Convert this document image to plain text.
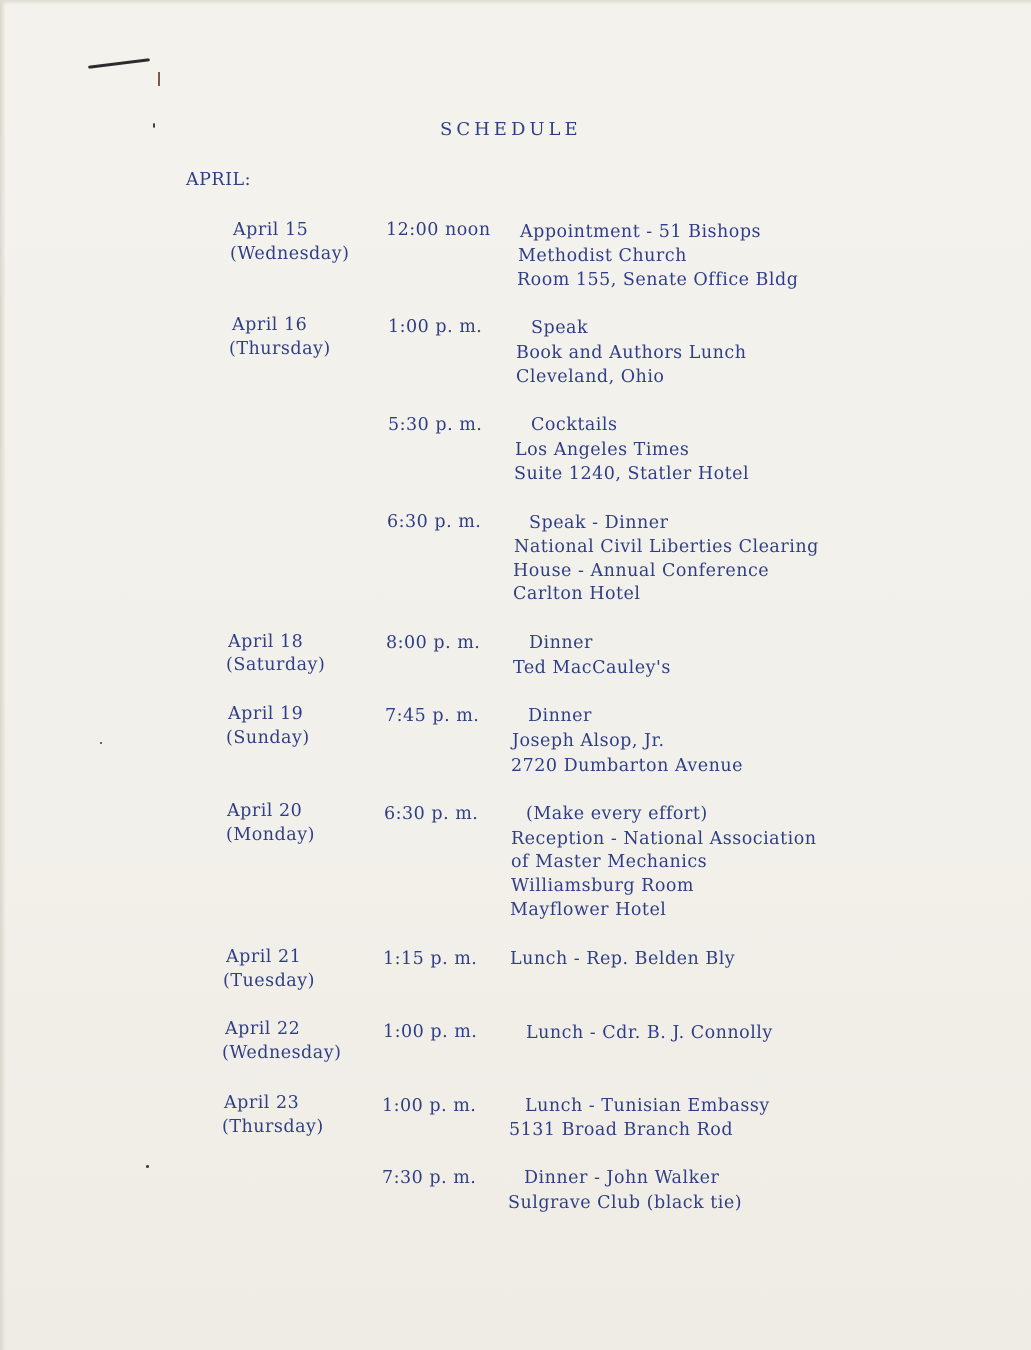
SCHEDULE
APRIL:
April 15
(Wednesday)
12:00 noon Appointment - 51 Bishops
Methodist Church
Room 155, Senate Office Bldg
April 16
(Thursday)
1:00 p. m.	Speak
Book and Authors Lunch
Cleveland, Ohio
5:30 p. m.	Cocktails
Los Angeles Times
Suite 1240, Statler Hotel
6:30 p. m.	Speak - Dinner
National Civil Liberties Clearing
House - Annual Conference
Carlton Hotel
April 18
(Saturday)
8:00 p. m.	Dinner
Ted MacCauley's
April 19
(Sunday)
7:45 p. m.	Dinner
Joseph Alsop, Jr.
2720 Dumbarton Avenue
April 20
(Monday)
6:30 p. m.	(Make every effort)
Reception - National Association
of Master Mechanics
Williamsburg Room
Mayflower Hotel
April 21
(Tuesday)
1:15 p. m. Lunch - Rep. Belden Bly
April 22
(Wednesday)
1:00 p. m.	Lunch - Cdr. B. J. Connolly
April 23
(Thursday)
1:00 p. m.	Lunch - Tunisian Embassy
5131 Broad Branch Rod
7:30 p. m.	Dinner - John Walker
Sulgrave Club (black tie)
